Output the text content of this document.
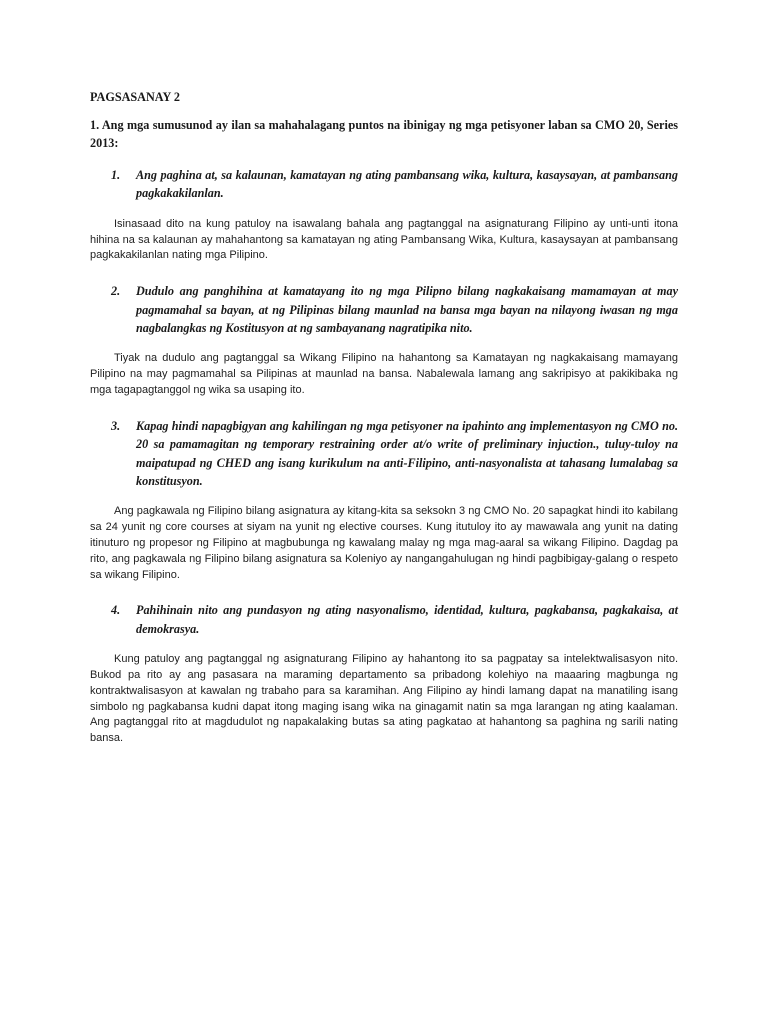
PAGSASANAY 2
1. Ang mga sumusunod ay ilan sa mahahalagang puntos na ibinigay ng mga petisyoner laban sa CMO 20, Series 2013:
1.	Ang paghina at, sa kalaunan, kamatayan ng ating pambansang wika, kultura, kasaysayan, at pambansang pagkakakilanlan.

Isinasaad dito na kung patuloy na isawalang bahala ang pagtanggal na asignaturang Filipino ay unti-unti itona hihina na sa kalaunan ay mahahantong sa kamatayan ng ating Pambansang Wika, Kultura, kasaysayan at pambansang pagkakakilanlan nating mga Pilipino.

2.	Dudulo ang panghihina at kamatayang ito ng mga Pilipno bilang nagkakaisang mamamayan at may pagmamahal sa bayan, at ng Pilipinas bilang maunlad na bansa mga bayan na nilayong iwasan ng mga nagbalangkas ng Kostitusyon at ng sambayanang nagratipika nito.

Tiyak na dudulo ang pagtanggal sa Wikang Filipino na hahantong sa Kamatayan ng nagkakaisang mamayang Pilipino na may pagmamahal sa Pilipinas at maunlad na bansa. Nabalewala lamang ang sakripisyo at pakikibaka ng mga tagapagtanggol ng wika sa usaping ito.

3.	Kapag hindi napagbigyan ang kahilingan ng mga petisyoner na ipahinto ang implementasyon ng CMO no. 20 sa pamamagitan ng temporary restraining order at/o write of preliminary injuction., tuluy-tuloy na maipatupad ng CHED ang isang kurikulum na anti-Filipino, anti-nasyonalista at tahasang lumalabag sa konstitusyon.

Ang pagkawala ng Filipino bilang asignatura ay kitang-kita sa seksokn 3 ng CMO No. 20 sapagkat hindi ito kabilang sa 24 yunit ng core courses at siyam na yunit ng elective courses. Kung itutuloy ito ay mawawala ang yunit na dating itinuturo ng propesor ng Filipino at magbubunga ng kawalang malay ng mga mag-aaral sa wikang Filipino. Dagdag pa rito, ang pagkawala ng Filipino bilang asignatura sa Koleniyo ay nangangahulugan ng hindi pagbibigay-galang o respeto sa wikang Filipino.

4.	Pahihinain nito ang pundasyon ng ating nasyonalismo, identidad, kultura, pagkabansa, pagkakaisa, at demokrasya.

Kung patuloy ang pagtanggal ng asignaturang Filipino ay hahantong ito sa pagpatay sa intelektwalisasyon nito. Bukod pa rito ay ang pasasara na maraming departamento sa pribadong kolehiyo na maaaring magbunga ng kontraktwalisasyon at kawalan ng trabaho para sa karamihan. Ang Filipino ay hindi lamang dapat na manatiling isang simbolo ng pagkabansa kudni dapat itong maging isang wika na ginagamit natin sa mga larangan ng ating kaalaman. Ang pagtanggal rito at magdudulot ng napakalaking butas sa ating pagkatao at hahantong sa paghina ng sarili nating bansa.
